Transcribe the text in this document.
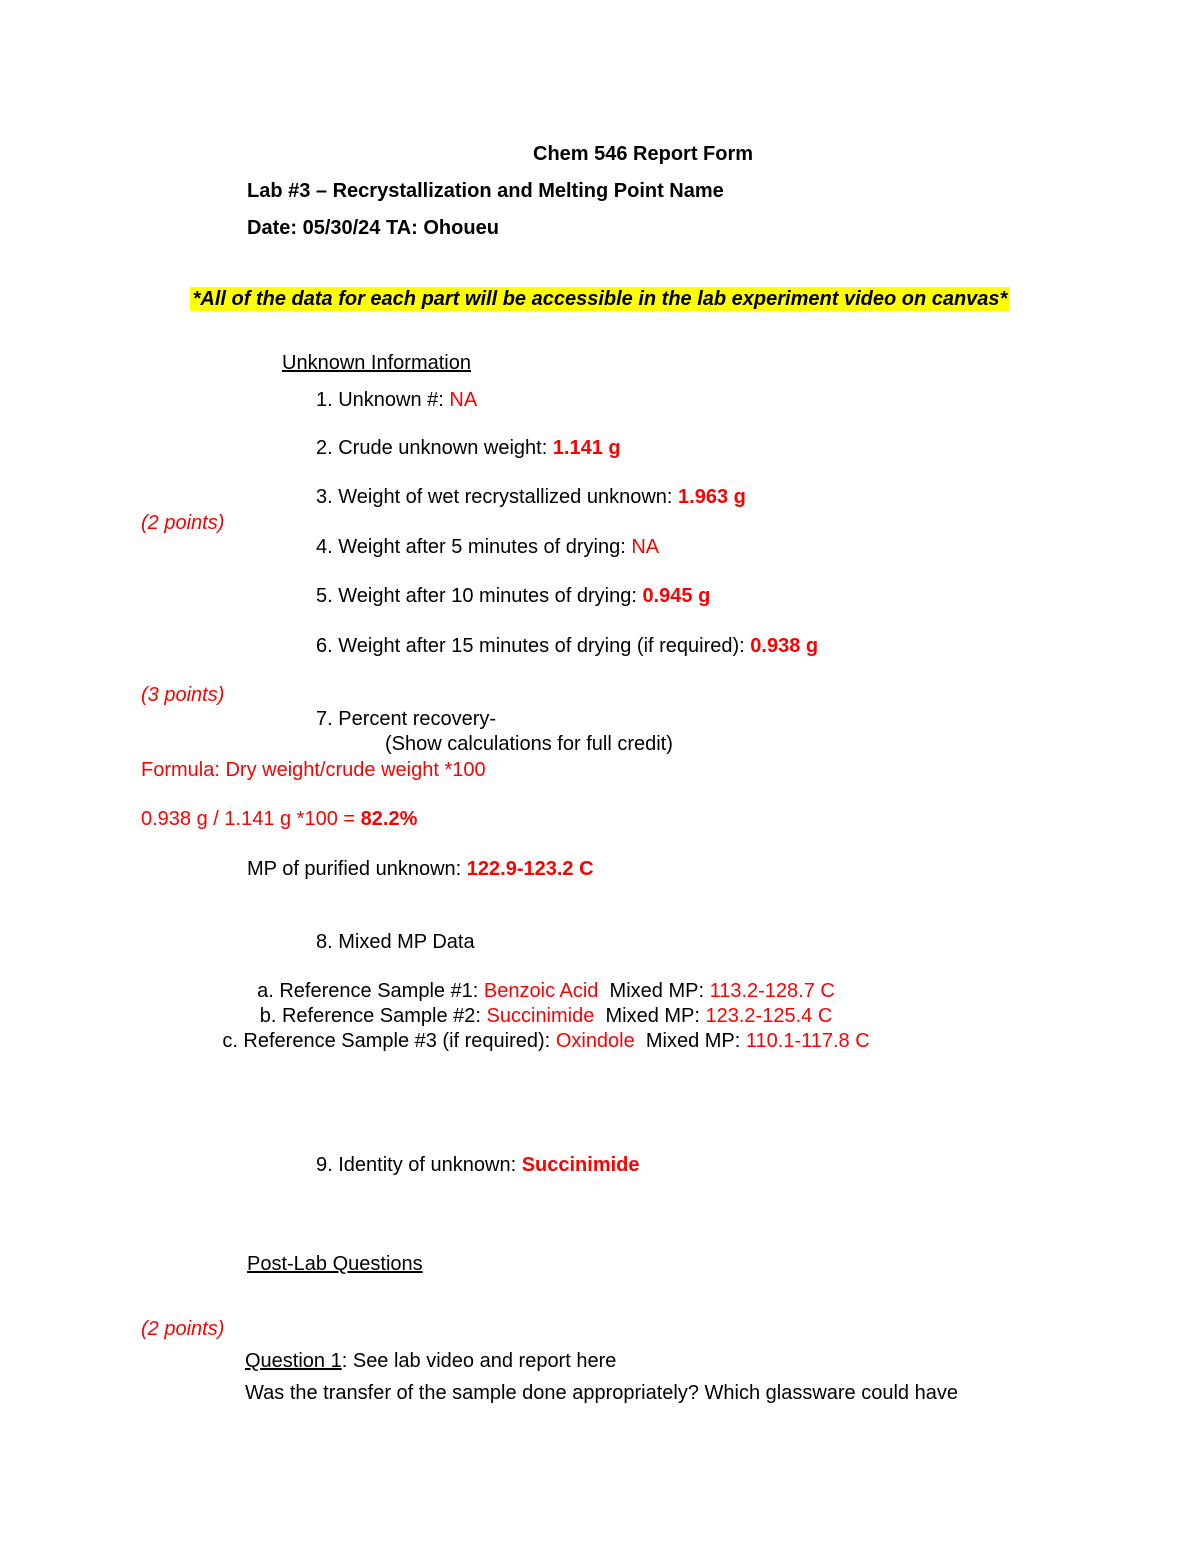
Chem 546 Report Form
Lab #3 – Recrystallization and Melting Point Name
Date: 05/30/24 TA: Ohoueu
*All of the data for each part will be accessible in the lab experiment video on canvas*
Unknown Information
1. Unknown #: NA
2. Crude unknown weight: 1.141 g
3. Weight of wet recrystallized unknown: 1.963 g
(2 points)
4. Weight after 5 minutes of drying: NA
5. Weight after 10 minutes of drying: 0.945 g
6. Weight after 15 minutes of drying (if required): 0.938 g
(3 points)
7. Percent recovery-
(Show calculations for full credit)
Formula: Dry weight/crude weight *100
0.938 g / 1.141 g *100 = 82.2%
MP of purified unknown: 122.9-123.2 C
8. Mixed MP Data
a. Reference Sample #1: Benzoic Acid  Mixed MP: 113.2-128.7 C
b. Reference Sample #2: Succinimide  Mixed MP: 123.2-125.4 C
c. Reference Sample #3 (if required): Oxindole  Mixed MP: 110.1-117.8 C
9. Identity of unknown: Succinimide
Post-Lab Questions
(2 points)
Question 1: See lab video and report here
Was the transfer of the sample done appropriately? Which glassware could have
